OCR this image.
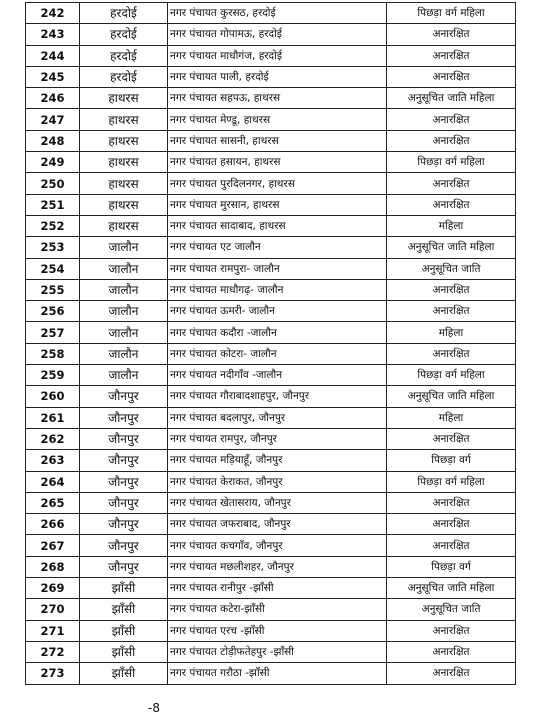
242	हरदोई	नगर पंचायत कुरसठ, हरदोई	पिछड़ा वर्ग महिला
243	हरदोई	नगर पंचायत गोपामऊ, हरदोई	अनारक्षित
244	हरदोई	नगर पंचायत माधौगंज, हरदोई	अनारक्षित
245	हरदोई	नगर पंचायत पाली, हरदोई	अनारक्षित
246	हाथरस	नगर पंचायत सहपऊ, हाथरस	अनुसूचित जाति महिला
247	हाथरस	नगर पंचायत मेण्डू, हाथरस	अनारक्षित
248	हाथरस	नगर पंचायत सासनी, हाथरस	अनारक्षित
249	हाथरस	नगर पंचायत हसायन, हाथरस	पिछड़ा वर्ग महिला
250	हाथरस	नगर पंचायत पुरदिलनगर, हाथरस	अनारक्षित
251	हाथरस	नगर पंचायत मुरसान, हाथरस	अनारक्षित
252	हाथरस	नगर पंचायत सादाबाद, हाथरस	महिला
253	जालौन	नगर पंचायत एट जालौन	अनुसूचित जाति महिला
254	जालौन	नगर पंचायत रामपुरा- जालौन	अनुसूचित जाति
255	जालौन	नगर पंचायत माधौगढ़- जालौन	अनारक्षित
256	जालौन	नगर पंचायत ऊमरी- जालौन	अनारक्षित
257	जालौन	नगर पंचायत कदौरा -जालौन	महिला
258	जालौन	नगर पंचायत कोटरा- जालौन	अनारक्षित
259	जालौन	नगर पंचायत नदीगाँव -जालौन	पिछड़ा वर्ग महिला
260	जौनपुर	नगर पंचायत गौराबादशाहपुर, जौनपुर	अनुसूचित जाति महिला
261	जौनपुर	नगर पंचायत बदलापुर, जौनपुर	महिला
262	जौनपुर	नगर पंचायत रामपुर, जौनपुर	अनारक्षित
263	जौनपुर	नगर पंचायत मड़ियाहूँ, जौनपुर	पिछड़ा वर्ग
264	जौनपुर	नगर पंचायत केराकत, जौनपुर	पिछड़ा वर्ग महिला
265	जौनपुर	नगर पंचायत खेतासराय, जौनपुर	अनारक्षित
266	जौनपुर	नगर पंचायत जफराबाद, जौनपुर	अनारक्षित
267	जौनपुर	नगर पंचायत कचगाँव, जौनपुर	अनारक्षित
268	जौनपुर	नगर पंचायत मछलीशहर, जौनपुर	पिछड़ा वर्ग
269	झाँसी	नगर पंचायत रानीपुर -झाँसी	अनुसूचित जाति महिला
270	झाँसी	नगर पंचायत कटेरा-झाँसी	अनुसूचित जाति
271	झाँसी	नगर पंचायत एरच -झाँसी	अनारक्षित
272	झाँसी	नगर पंचायत टोड़ीफतेहपुर -झाँसी	अनारक्षित
273	झाँसी	नगर पंचायत गरौठा -झाँसी	अनारक्षित
-8
